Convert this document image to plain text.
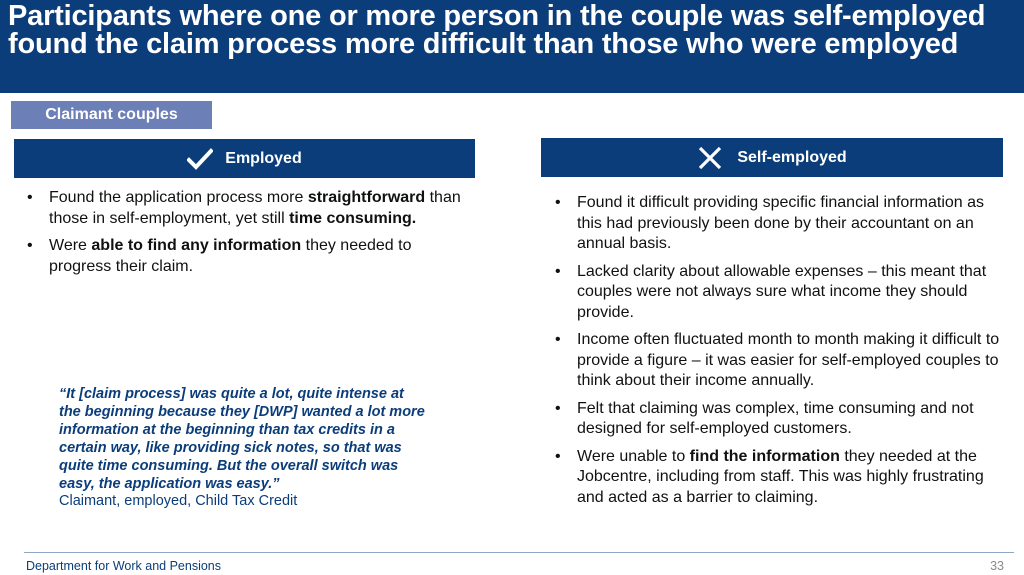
Participants where one or more person in the couple was self-employed found the claim process more difficult than those who were employed
Claimant couples
Employed	Self-employed
• Found the application process more straightforward than those in self-employment, yet still time consuming.
• Were able to find any information they needed to progress their claim.
• Found it difficult providing specific financial information as this had previously been done by their accountant on an annual basis.
• Lacked clarity about allowable expenses – this meant that couples were not always sure what income they should provide.
• Income often fluctuated month to month making it difficult to provide a figure – it was easier for self-employed couples to think about their income annually.
• Felt that claiming was complex, time consuming and not designed for self-employed customers.
• Were unable to find the information they needed at the Jobcentre, including from staff. This was highly frustrating and acted as a barrier to claiming.
“It [claim process] was quite a lot, quite intense at the beginning because they [DWP] wanted a lot more information at the beginning than tax credits in a certain way, like providing sick notes, so that was quite time consuming. But the overall switch was easy, the application was easy.”
Claimant, employed, Child Tax Credit
Department for Work and Pensions	33
